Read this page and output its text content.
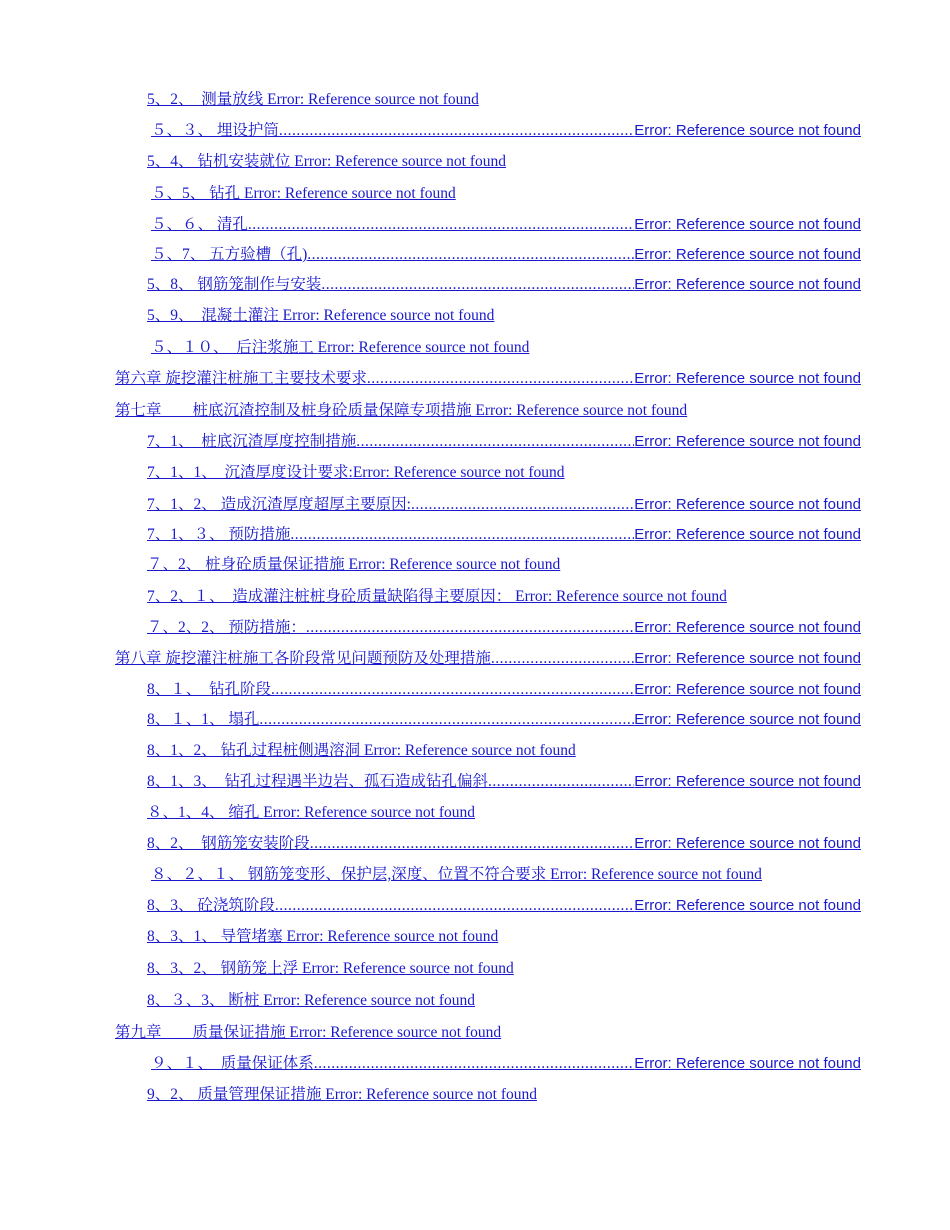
5、2、　测量放线 Error: Reference source not found
５、３、 埋设护筒 .....	Error: Reference source not found
5、4、 钻机安装就位 Error: Reference source not found
５、5、 钻孔 Error: Reference source not found
５、６、 清孔 .....	Error: Reference source not found
５、7、 五方验槽（孔) .....	Error: Reference source not found
5、8、 钢筋笼制作与安装 .....	Error: Reference source not found
5、9、　混凝土灌注 Error: Reference source not found
５、１０、　后注浆施工 Error: Reference source not found
第六章 旋挖灌注桩施工主要技术要求 .....	Error: Reference source not found
第七章　　桩底沉渣控制及桩身砼质量保障专项措施 Error: Reference source not found
7、1、　桩底沉渣厚度控制措施 .....	Error: Reference source not found
7、1、1、　沉渣厚度设计要求:Error: Reference source not found
7、1、2、 造成沉渣厚度超厚主要原因: .....	Error: Reference source not found
7、1、３、 预防措施 .....	Error: Reference source not found
７、2、 桩身砼质量保证措施 Error: Reference source not found
7、2、１、　造成灌注桩桩身砼质量缺陷得主要原因： Error: Reference source not found
７、2、2、 预防措施： .....	Error: Reference source not found
第八章 旋挖灌注桩施工各阶段常见问题预防及处理措施 .....	Error: Reference source not found
8、１、　钻孔阶段 .....	Error: Reference source not found
8、１、1、 塌孔 .....	Error: Reference source not found
8、1、2、 钻孔过程桩侧遇溶洞 Error: Reference source not found
8、1、3、　钻孔过程遇半边岩、孤石造成钻孔偏斜 .....	Error: Reference source not found
８、1、4、 缩孔 Error: Reference source not found
8、2、　钢筋笼安装阶段 .....	Error: Reference source not found
８、２、１、 钢筋笼变形、保护层,深度、位置不符合要求 Error: Reference source not found
8、3、 砼浇筑阶段 .....	Error: Reference source not found
8、3、1、 导管堵塞 Error: Reference source not found
8、3、2、 钢筋笼上浮 Error: Reference source not found
8、３、3、 断桩 Error: Reference source not found
第九章　　质量保证措施 Error: Reference source not found
９、１、　质量保证体系 .....	Error: Reference source not found
9、2、 质量管理保证措施 Error: Reference source not found
